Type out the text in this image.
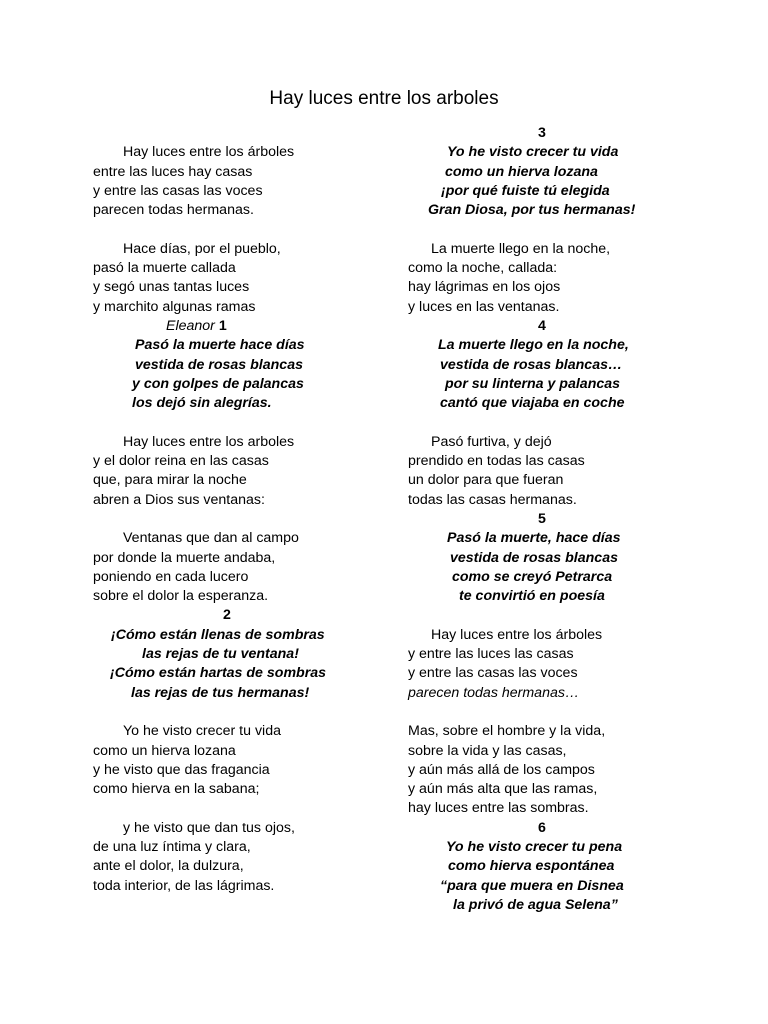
Hay luces entre los arboles
Hay luces entre los árboles
entre las luces hay casas
y entre las casas las voces
parecen todas hermanas.
Hace días, por el pueblo,
pasó la muerte callada
y segó unas tantas luces
y marchito algunas ramas
Eleanor 1
Pasó la muerte hace días
vestida de rosas blancas
y con golpes de palancas
los dejó sin alegrías.
Hay luces entre los arboles
y el dolor reina en las casas
que, para mirar la noche
abren a Dios sus ventanas:
Ventanas que dan al campo
por donde la muerte andaba,
poniendo en cada lucero
sobre el dolor la esperanza.
2
¡Cómo están llenas de sombras
las rejas de tu ventana!
¡Cómo están hartas de sombras
las rejas de tus hermanas!
Yo he visto crecer tu vida
como un hierva lozana
y he visto que das fragancia
como hierva en la sabana;
y he visto que dan tus ojos,
de una luz íntima y clara,
ante el dolor, la dulzura,
toda interior, de las lágrimas.
3
Yo he visto crecer tu vida
como un hierva lozana
¡por qué fuiste tú elegida
Gran Diosa, por tus hermanas!
La muerte llego en la noche,
como la noche, callada:
hay lágrimas en los ojos
y luces en las ventanas.
4
La muerte llego en la noche,
vestida de rosas blancas…
por su linterna y palancas
cantó que viajaba en coche
Pasó furtiva, y dejó
prendido en todas las casas
un dolor para que fueran
todas las casas hermanas.
5
Pasó la muerte, hace días
vestida de rosas blancas
como se creyó Petrarca
te convirtió en poesía
Hay luces entre los árboles
y entre las luces las casas
y entre las casas las voces
parecen todas hermanas…
Mas, sobre el hombre y la vida,
sobre la vida y las casas,
y aún más allá de los campos
y aún más alta que las ramas,
hay luces entre las sombras.
6
Yo he visto crecer tu pena
como hierva espontánea
“para que muera en Disnea
la privó de agua Selena”
